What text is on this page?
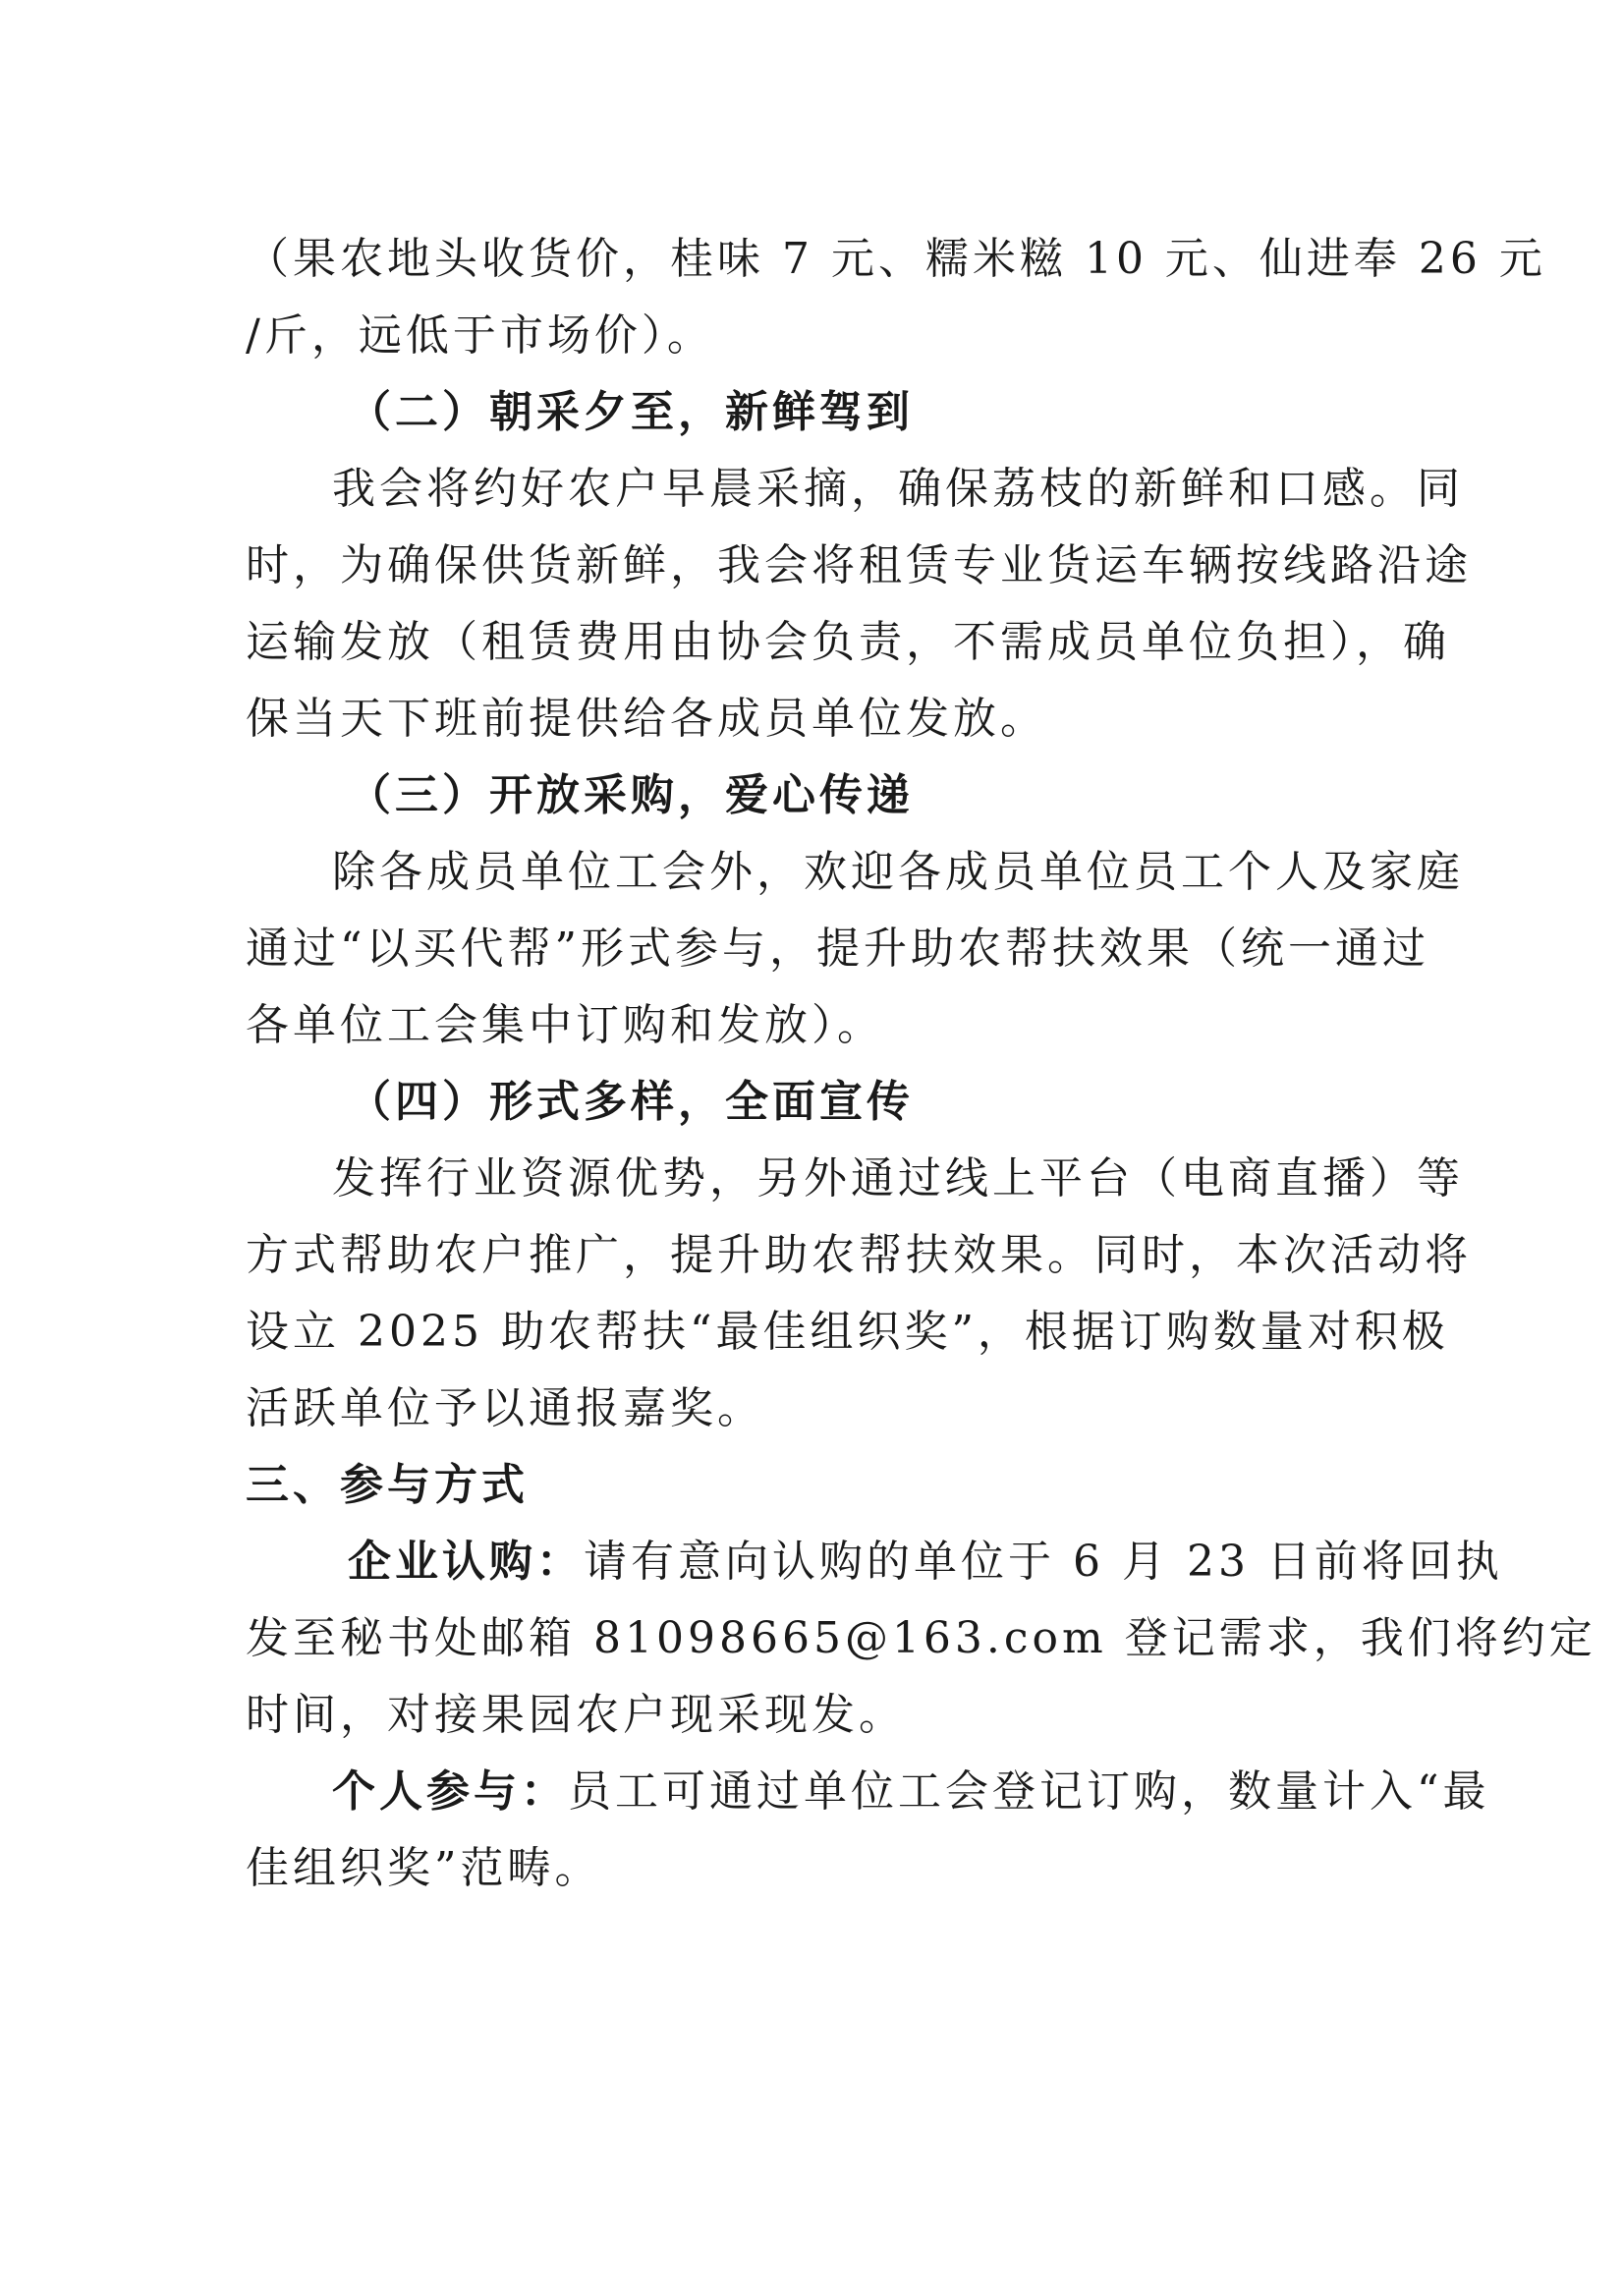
（果农地头收货价，桂味 7 元、糯米糍 10 元、仙进奉 26 元
/斤，远低于市场价）。
（二）朝采夕至，新鲜驾到
我会将约好农户早晨采摘，确保荔枝的新鲜和口感。同
时，为确保供货新鲜，我会将租赁专业货运车辆按线路沿途
运输发放（租赁费用由协会负责，不需成员单位负担），确
保当天下班前提供给各成员单位发放。
（三）开放采购，爱心传递
除各成员单位工会外，欢迎各成员单位员工个人及家庭
通过“以买代帮”形式参与，提升助农帮扶效果（统一通过
各单位工会集中订购和发放）。
（四）形式多样，全面宣传
发挥行业资源优势，另外通过线上平台（电商直播）等
方式帮助农户推广，提升助农帮扶效果。同时，本次活动将
设立 2025 助农帮扶“最佳组织奖”，根据订购数量对积极
活跃单位予以通报嘉奖。
三、参与方式
企业认购：请有意向认购的单位于 6 月 23 日前将回执
发至秘书处邮箱 81098665@163.com 登记需求，我们将约定
时间，对接果园农户现采现发。
个人参与：员工可通过单位工会登记订购，数量计入“最
佳组织奖”范畴。
